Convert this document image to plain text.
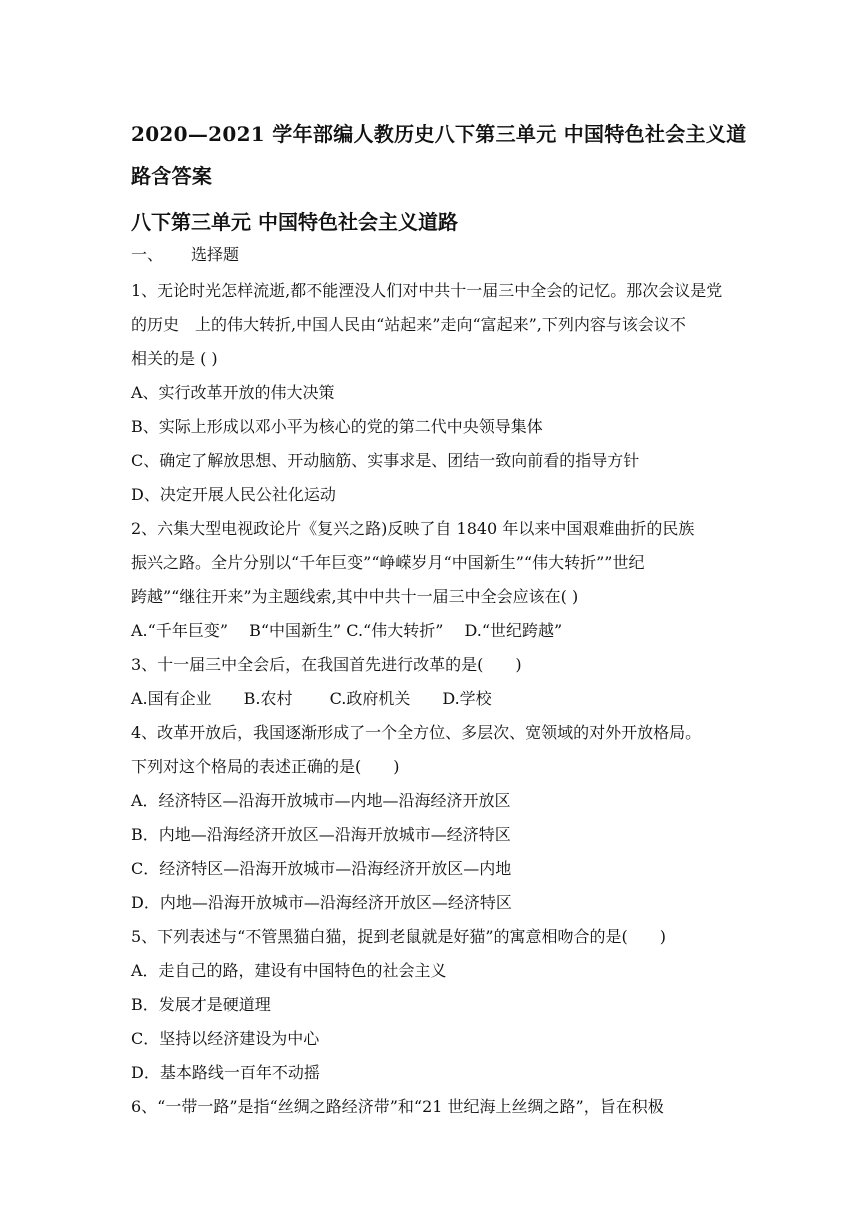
2020—2021 学年部编人教历史八下第三单元 中国特色社会主义道
路含答案
八下第三单元 中国特色社会主义道路
一、 选择题
1、无论时光怎样流逝,都不能湮没人们对中共十一届三中全会的记忆。那次会议是党
的历史　上的伟大转折,中国人民由“站起来”走向“富起来”,下列内容与该会议不
相关的是 ( )
A、实行改革开放的伟大决策
B、实际上形成以邓小平为核心的党的第二代中央领导集体
C、确定了解放思想、开动脑筋、实事求是、团结一致向前看的指导方针
D、决定开展人民公社化运动
2、六集大型电视政论片《复兴之路)反映了自 1840 年以来中国艰难曲折的民族
振兴之路。全片分别以“千年巨变”“峥嵘岁月“中国新生”“伟大转折””世纪
跨越”“继往开来”为主题线索,其中中共十一届三中全会应该在( )
A.“千年巨变”　 B“中国新生” C.“伟大转折”　 D.“世纪跨越”
3、十一届三中全会后，在我国首先进行改革的是(　　)
A.国有企业　　B.农村　　 C.政府机关　　D.学校
4、改革开放后，我国逐渐形成了一个全方位、多层次、宽领域的对外开放格局。
下列对这个格局的表述正确的是(　　)
A．经济特区—沿海开放城市—内地—沿海经济开放区
B．内地—沿海经济开放区—沿海开放城市—经济特区
C．经济特区—沿海开放城市—沿海经济开放区—内地
D．内地—沿海开放城市—沿海经济开放区—经济特区
5、下列表述与“不管黑猫白猫，捉到老鼠就是好猫”的寓意相吻合的是(　　)
A．走自己的路，建设有中国特色的社会主义
B．发展才是硬道理
C．坚持以经济建设为中心
D．基本路线一百年不动摇
6、“一带一路”是指“丝绸之路经济带”和“21 世纪海上丝绸之路”，旨在积极
